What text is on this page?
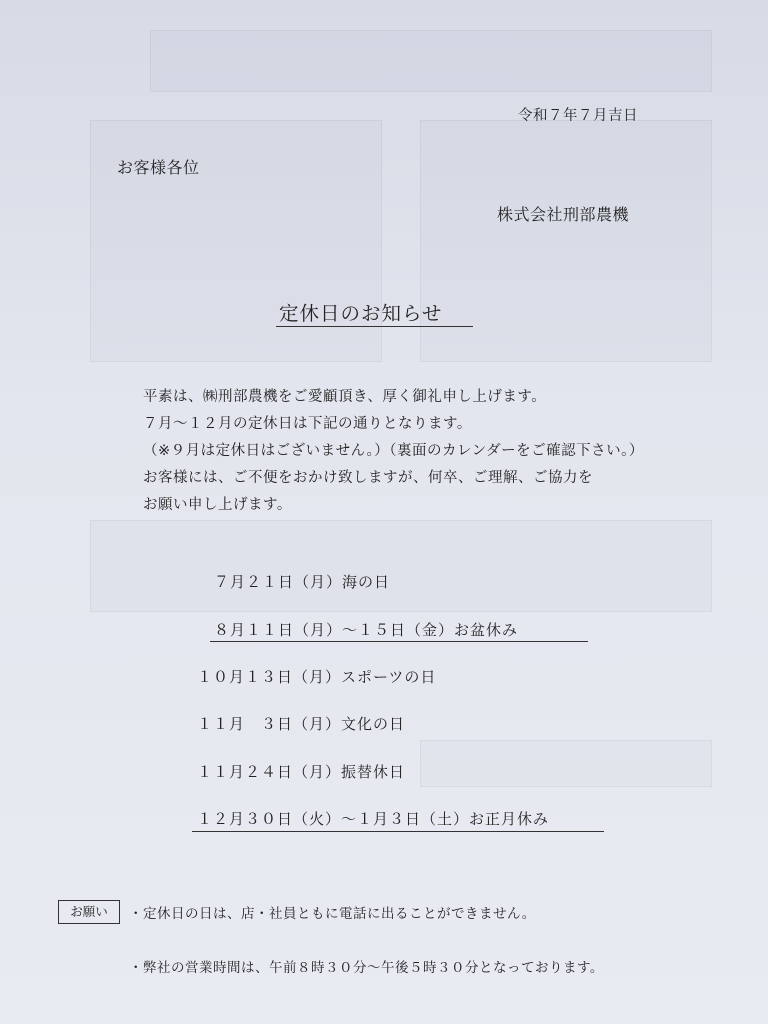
令和７年７月吉日
お客様各位
株式会社刑部農機
定休日のお知らせ
平素は、㈱刑部農機をご愛顧頂き、厚く御礼申し上げます。
７月～１２月の定休日は下記の通りとなります。
（※９月は定休日はございません。）（裏面のカレンダーをご確認下さい。）
お客様には、ご不便をおかけ致しますが、何卒、ご理解、ご協力を
お願い申し上げます。
７月２１日（月）海の日
８月１１日（月）～１５日（金）お盆休み
１０月１３日（月）スポーツの日
１１月　３日（月）文化の日
１１月２４日（月）振替休日
１２月３０日（火）～１月３日（土）お正月休み
お願い	・定休日の日は、店・社員ともに電話に出ることができません。
・弊社の営業時間は、午前８時３０分～午後５時３０分となっております。
